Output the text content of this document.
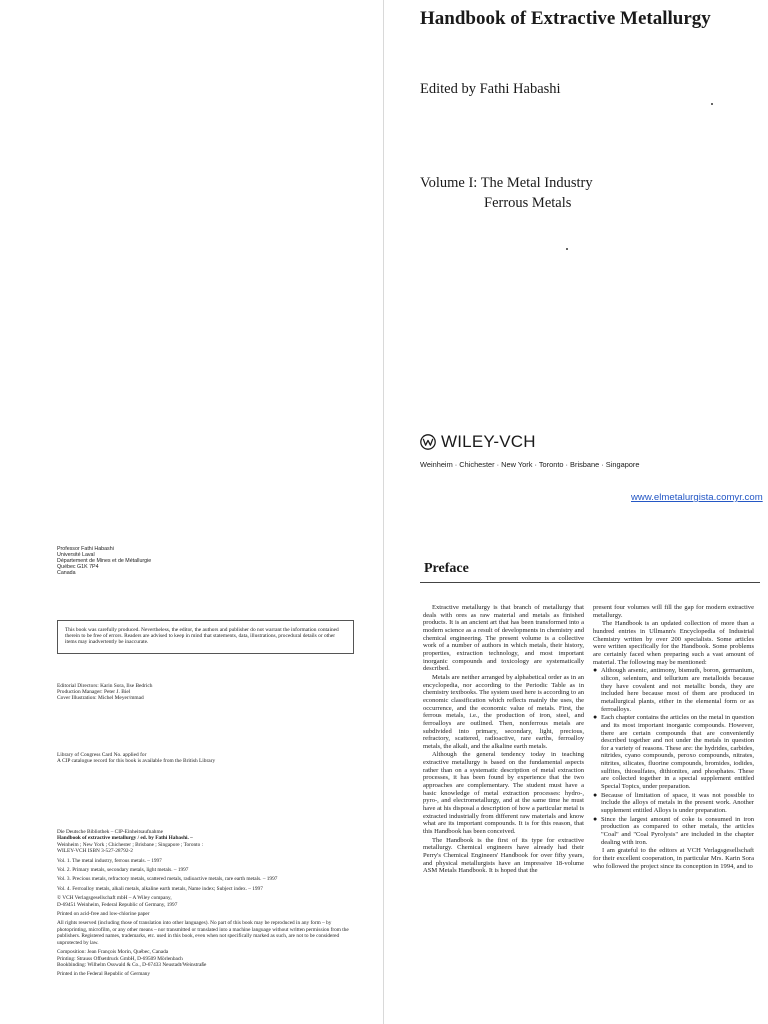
Professor Fathi Habashi
Université Laval
Département de Mines et de Métallurgie
Québec G1K 7P4
Canada
This book was carefully produced. Nevertheless, the editor, the authors and publisher do not warrant the information contained therein to be free of errors. Readers are advised to keep in mind that statements, data, illustrations, procedural details or other items may inadvertently be inaccurate.
Editorial Directors: Karin Sora, Ilse Bedrich
Production Manager: Peter J. Biel
Cover Illustration: Michel Meyer/mmad
Library of Congress Card No. applied for
A CIP catalogue record for this book is available from the British Library
Die Deutsche Bibliothek – CIP-Einheitsaufnahme
Handbook of extractive metallurgy / ed. by Fathi Habashi. –
Weinheim ; New York ; Chichester ; Brisbane ; Singapore ; Toronto :
WILEY-VCH ISBN 3-527-28792-2
Vol. 1. The metal industry, ferrous metals. – 1997
Vol. 2. Primary metals, secondary metals, light metals. – 1997
Vol. 3. Precious metals, refractory metals, scattered metals, radioactive metals, rare earth metals. – 1997
Vol. 4. Ferroalloy metals, alkali metals, alkaline earth metals, Name index; Subject index. – 1997
© VCH Verlagsgesellschaft mbH – A Wiley company,
D-69451 Weinheim, Federal Republic of Germany, 1997
Printed on acid-free and low-chlorine paper
All rights reserved (including those of translation into other languages). No part of this book may be reproduced in any form – by photoprinting, microfilm, or any other means – nor transmitted or translated into a machine language without written permission from the publishers. Registered names, trademarks, etc. used in this book, even when not specifically marked as such, are not to be considered unprotected by law.
Composition: Jean François Morin, Québec, Canada
Printing: Strauss Offsetdruck GmbH, D-69509 Mörlenbach
Bookbinding: Wilhelm Osswald & Co., D-67433 Neustadt/Weinstraße
Printed in the Federal Republic of Germany
Handbook of Extractive Metallurgy
Edited by Fathi Habashi
Volume I: The Metal Industry
Ferrous Metals
WILEY-VCH
Weinheim · Chichester · New York · Toronto · Brisbane · Singapore
www.elmetalurgista.comyr.com
Preface

Extractive metallurgy is that branch of metallurgy that deals with ores as raw material and metals as finished products. It is an ancient art that has been transformed into a modern science as a result of developments in chemistry and chemical engineering. The present volume is a collective work of a number of authors in which metals, their history, properties, extraction technology, and most important inorganic compounds and toxicology are systematically described.

Metals are neither arranged by alphabetical order as in an encyclopedia, nor according to the Periodic Table as in chemistry textbooks. The system used here is according to an economic classification which reflects mainly the uses, the occurrence, and the economic value of metals. First, the ferrous metals, i.e., the production of iron, steel, and ferroalloys are outlined. Then, nonferrous metals are subdivided into primary, secondary, light, precious, refractory, scattered, radioactive, rare earths, ferroalloy metals, the alkali, and the alkaline earth metals.

Although the general tendency today in teaching extractive metallurgy is based on the fundamental aspects rather than on a systematic description of metal extraction processes, it has been found by experience that the two approaches are complementary. The student must have a basic knowledge of metal extraction processes: hydro-, pyro-, and electrometallurgy, and at the same time he must have at his disposal a description of how a particular metal is extracted industrially from different raw materials and know what are its important compounds. It is for this reason, that this Handbook has been conceived.

The Handbook is the first of its type for extractive metallurgy. Chemical engineers have already had their Perry's Chemical Engineers' Handbook for over fifty years, and physical metallurgists have an impressive 18-volume ASM Metals Handbook. It is hoped that the

present four volumes will fill the gap for modern extractive metallurgy.

The Handbook is an updated collection of more than a hundred entries in Ullmann's Encyclopedia of Industrial Chemistry written by over 200 specialists. Some articles were written specifically for the Handbook. Some problems are certainly faced when preparing such a vast amount of material. The following may be mentioned:

● Although arsenic, antimony, bismuth, boron, germanium, silicon, selenium, and tellurium are metalloids because they have covalent and not metallic bonds, they are included here because most of them are produced in metallurgical plants, either in the elemental form or as ferroalloys.
● Each chapter contains the articles on the metal in question and its most important inorganic compounds. However, there are certain compounds that are conveniently described together and not under the metals in question for a variety of reasons. These are: the hydrides, carbides, nitrides, cyano compounds, peroxo compounds, nitrates, nitrites, silicates, fluorine compounds, bromides, iodides, sulfites, thiosulfates, dithionites, and phosphates. These are collected together in a special supplement entitled Special Topics, under preparation.
● Because of limitation of space, it was not possible to include the alloys of metals in the present work. Another supplement entitled Alloys is under preparation.
● Since the largest amount of coke is consumed in iron production as compared to other metals, the articles "Coal" and "Coal Pyrolysis" are included in the chapter dealing with iron.

I am grateful to the editors at VCH Verlagsgesellschaft for their excellent cooperation, in particular Mrs. Karin Sora who followed the project since its conception in 1994, and to
